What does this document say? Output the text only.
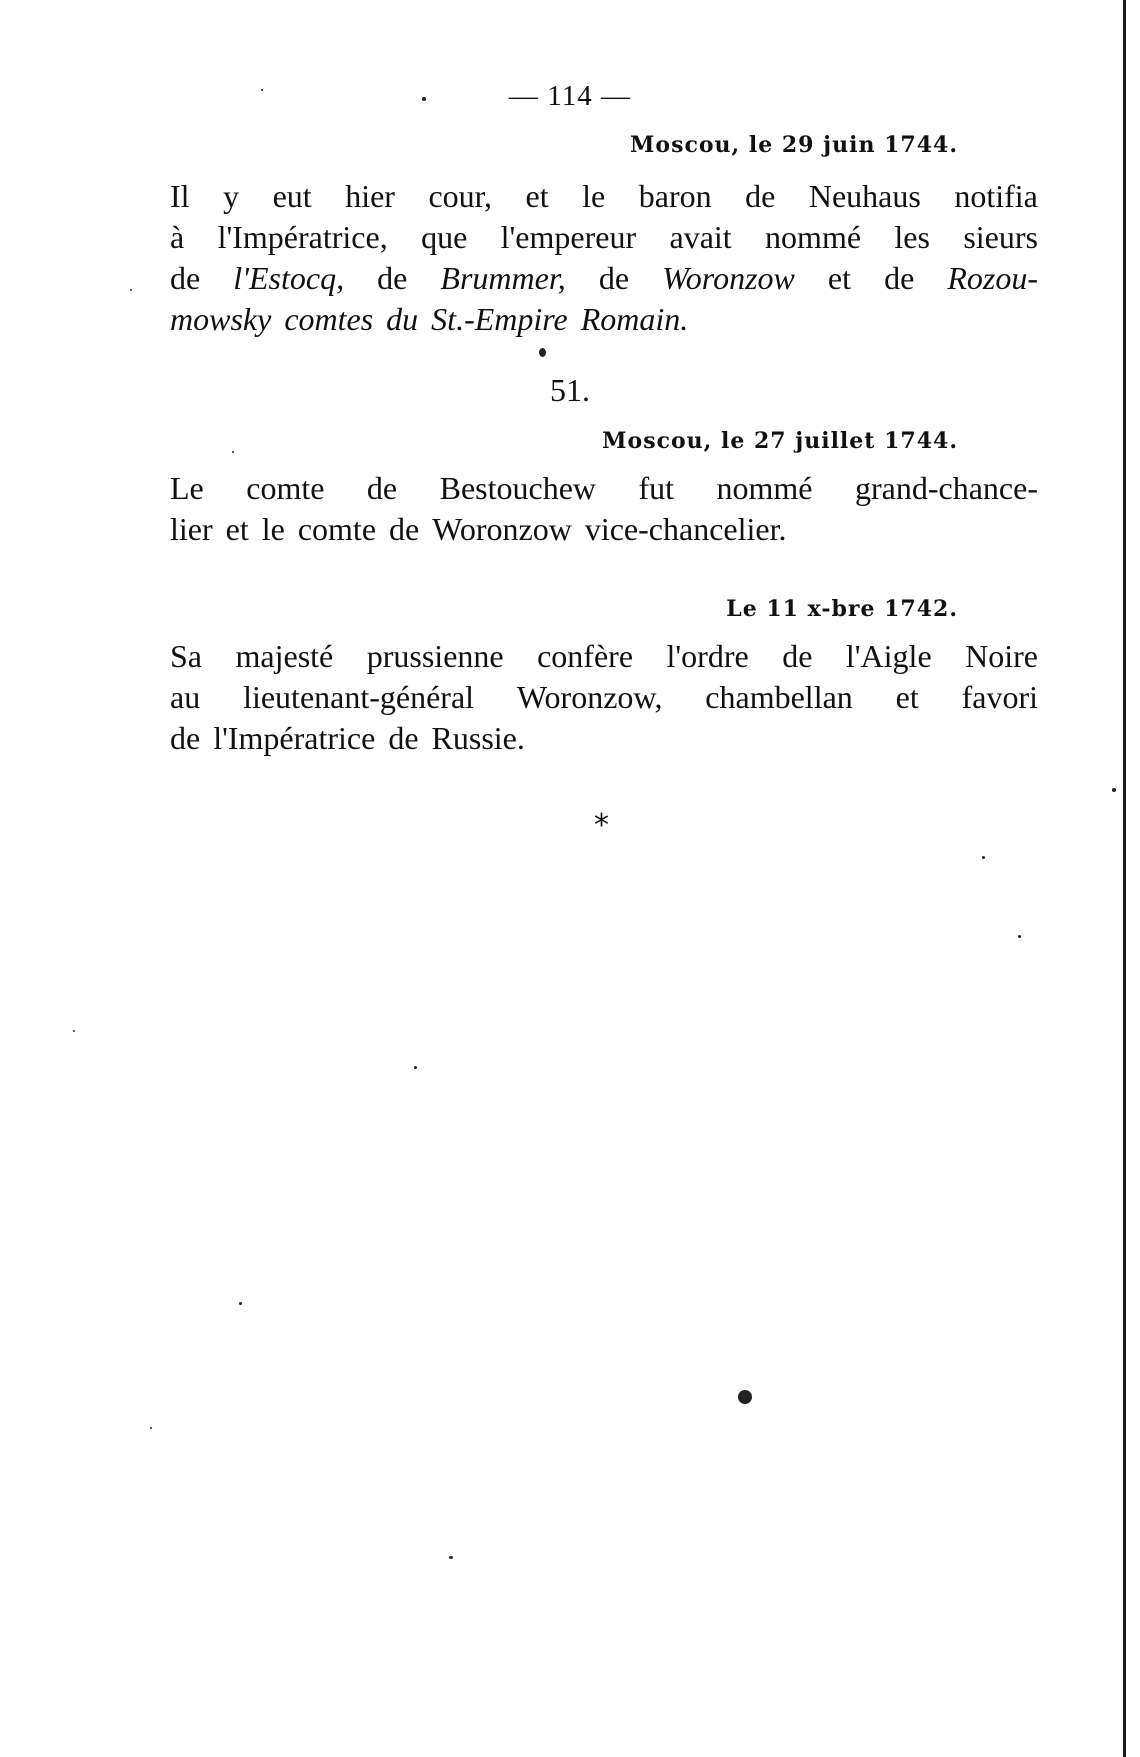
— 114 —
Moscou, le 29 juin 1744.
Il y eut hier cour, et le baron de Neuhaus notifia
à l'Impératrice, que l'empereur avait nommé les sieurs
de l'Estocq, de Brummer, de Woronzow et de Rozou-
mowsky comtes du St.-Empire Romain.
51.
Moscou, le 27 juillet 1744.
Le comte de Bestouchew fut nommé grand-chance-
lier et le comte de Woronzow vice-chancelier.
Le 11 x-bre 1742.
Sa majesté prussienne confère l'ordre de l'Aigle Noire
au lieutenant-général Woronzow, chambellan et favori
de l'Impératrice de Russie.
*
